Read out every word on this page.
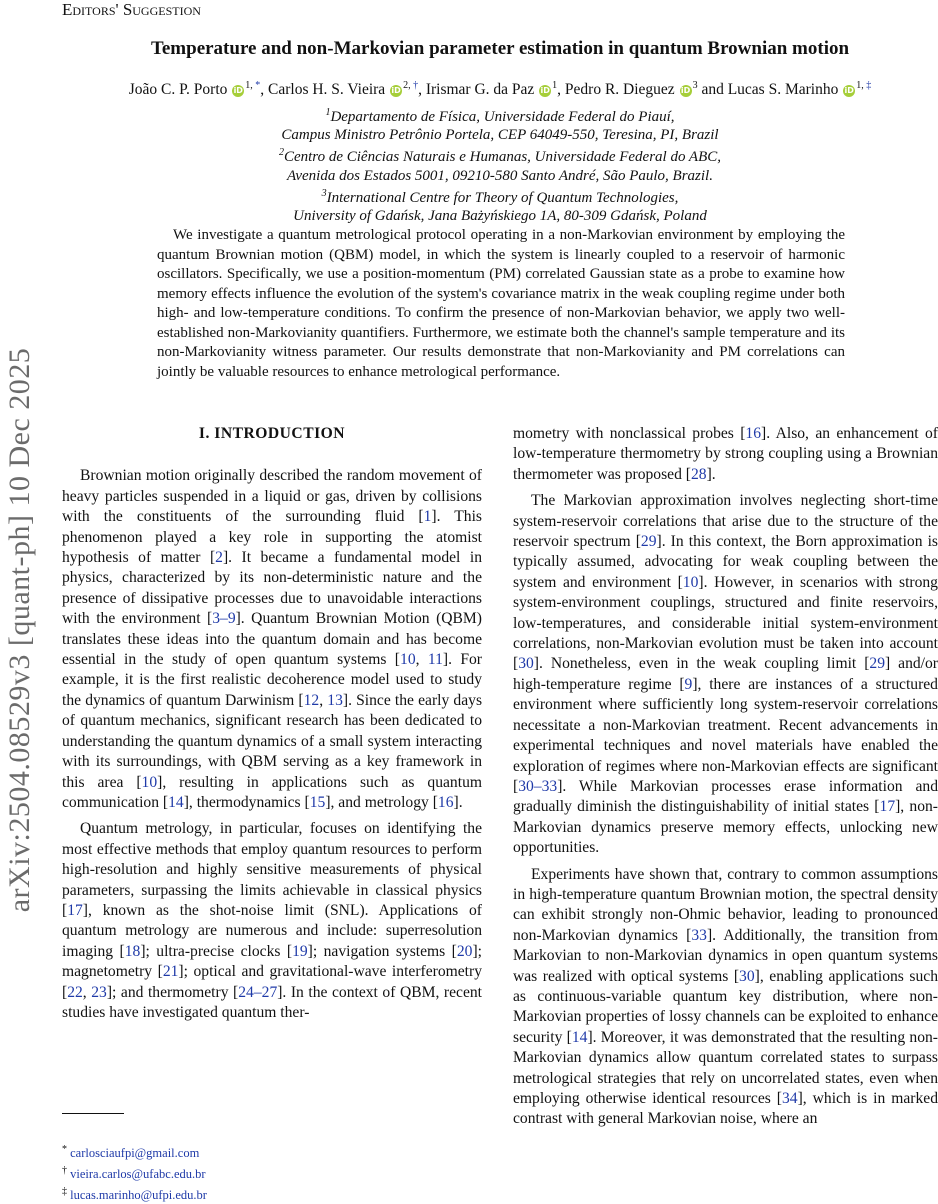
arXiv:2504.08529v3 [quant-ph] 10 Dec 2025
Editors' Suggestion
Temperature and non-Markovian parameter estimation in quantum Brownian motion
João C. P. Porto iD $^{1, *}$, Carlos H. S. Vieira iD $^{2, \dagger}$, Irismar G. da Paz iD $^1$, Pedro R. Dieguez iD $^3$ and Lucas S. Marinho iD $^{1, \ddagger}$
$^1$Departamento de Física, Universidade Federal do Piauí,
Campus Ministro Petrônio Portela, CEP 64049-550, Teresina, PI, Brazil
$^2$Centro de Ciências Naturais e Humanas, Universidade Federal do ABC,
Avenida dos Estados 5001, 09210-580 Santo André, São Paulo, Brazil.
$^3$International Centre for Theory of Quantum Technologies,
University of Gdańsk, Jana Bażyńskiego 1A, 80-309 Gdańsk, Poland
We investigate a quantum metrological protocol operating in a non-Markovian environment by employing the quantum Brownian motion (QBM) model, in which the system is linearly coupled to a reservoir of harmonic oscillators. Specifically, we use a position-momentum (PM) correlated Gaussian state as a probe to examine how memory effects influence the evolution of the system's covariance matrix in the weak coupling regime under both high- and low-temperature conditions. To confirm the presence of non-Markovian behavior, we apply two well-established non-Markovianity quantifiers. Furthermore, we estimate both the channel's sample temperature and its non-Markovianity witness parameter. Our results demonstrate that non-Markovianity and PM correlations can jointly be valuable resources to enhance metrological performance.
I. INTRODUCTION

Brownian motion originally described the random movement of heavy particles suspended in a liquid or gas, driven by collisions with the constituents of the surrounding fluid [1]. This phenomenon played a key role in supporting the atomist hypothesis of matter [2]. It became a fundamental model in physics, characterized by its non-deterministic nature and the presence of dissipative processes due to unavoidable interactions with the environment [3–9]. Quantum Brownian Motion (QBM) translates these ideas into the quantum domain and has become essential in the study of open quantum systems [10, 11]. For example, it is the first realistic decoherence model used to study the dynamics of quantum Darwinism [12, 13]. Since the early days of quantum mechanics, significant research has been dedicated to understanding the quantum dynamics of a small system interacting with its surroundings, with QBM serving as a key framework in this area [10], resulting in applications such as quantum communication [14], thermodynamics [15], and metrology [16].

Quantum metrology, in particular, focuses on identifying the most effective methods that employ quantum resources to perform high-resolution and highly sensitive measurements of physical parameters, surpassing the limits achievable in classical physics [17], known as the shot-noise limit (SNL). Applications of quantum metrology are numerous and include: superresolution imaging [18]; ultra-precise clocks [19]; navigation systems [20]; magnetometry [21]; optical and gravitational-wave interferometry [22, 23]; and thermometry [24–27]. In the context of QBM, recent studies have investigated quantum ther-

mometry with nonclassical probes [16]. Also, an enhancement of low-temperature thermometry by strong coupling using a Brownian thermometer was proposed [28].

The Markovian approximation involves neglecting short-time system-reservoir correlations that arise due to the structure of the reservoir spectrum [29]. In this context, the Born approximation is typically assumed, advocating for weak coupling between the system and environment [10]. However, in scenarios with strong system-environment couplings, structured and finite reservoirs, low-temperatures, and considerable initial system-environment correlations, non-Markovian evolution must be taken into account [30]. Nonetheless, even in the weak coupling limit [29] and/or high-temperature regime [9], there are instances of a structured environment where sufficiently long system-reservoir correlations necessitate a non-Markovian treatment. Recent advancements in experimental techniques and novel materials have enabled the exploration of regimes where non-Markovian effects are significant [30–33]. While Markovian processes erase information and gradually diminish the distinguishability of initial states [17], non-Markovian dynamics preserve memory effects, unlocking new opportunities.

Experiments have shown that, contrary to common assumptions in high-temperature quantum Brownian motion, the spectral density can exhibit strongly non-Ohmic behavior, leading to pronounced non-Markovian dynamics [33]. Additionally, the transition from Markovian to non-Markovian dynamics in open quantum systems was realized with optical systems [30], enabling applications such as continuous-variable quantum key distribution, where non-Markovian properties of lossy channels can be exploited to enhance security [14]. Moreover, it was demonstrated that the resulting non-Markovian dynamics allow quantum correlated states to surpass metrological strategies that rely on uncorrelated states, even when employing otherwise identical resources [34], which is in marked contrast with general Markovian noise, where an

* carlosciaufpi@gmail.com
† vieira.carlos@ufabc.edu.br
‡ lucas.marinho@ufpi.edu.br
